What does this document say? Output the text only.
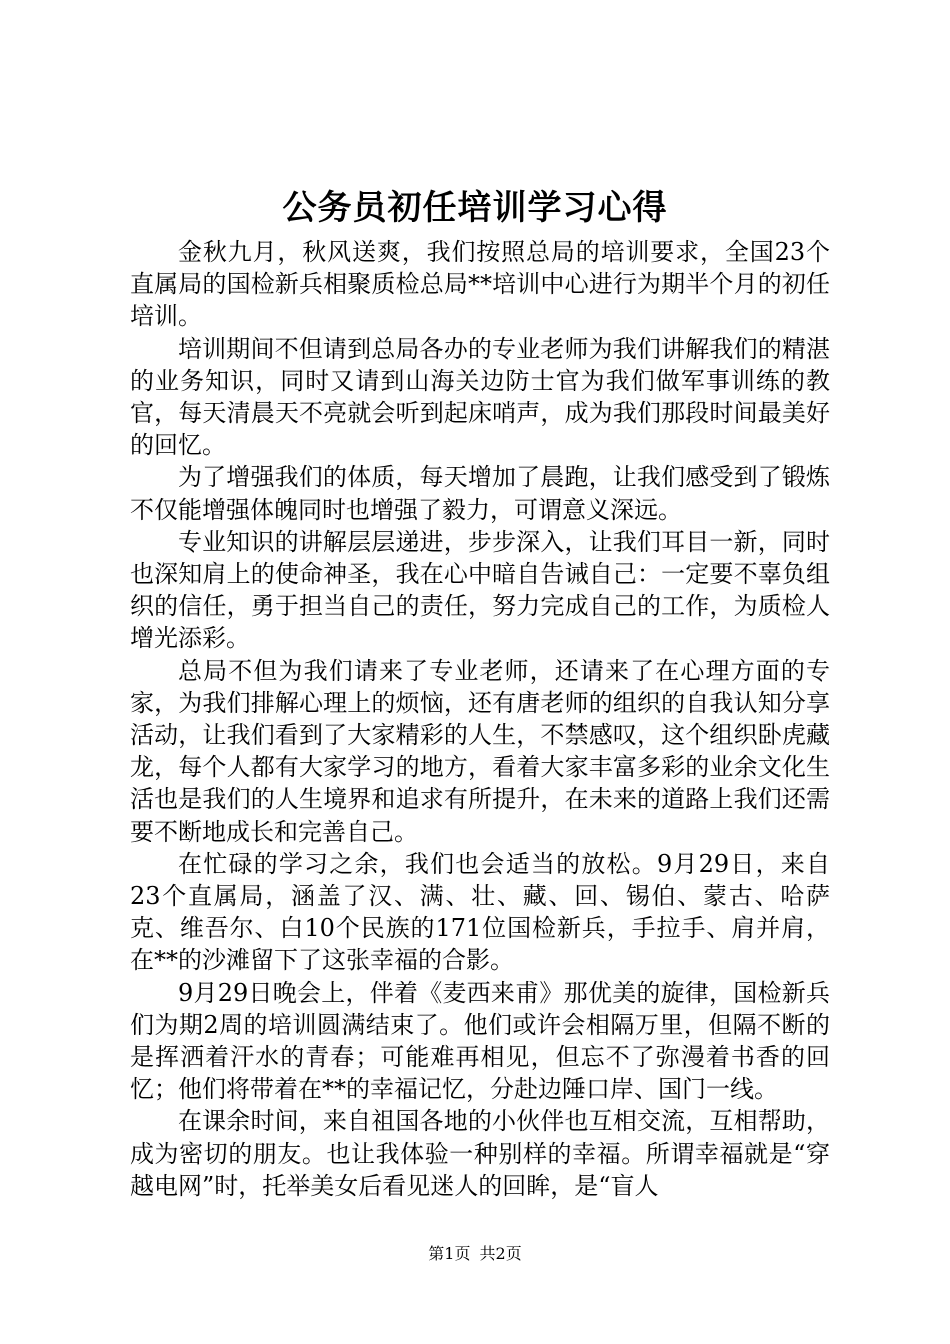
公务员初任培训学习心得

金秋九月，秋风送爽，我们按照总局的培训要求，全国23个直属局的国检新兵相聚质检总局**培训中心进行为期半个月的初任培训。

培训期间不但请到总局各办的专业老师为我们讲解我们的精湛的业务知识，同时又请到山海关边防士官为我们做军事训练的教官，每天清晨天不亮就会听到起床哨声，成为我们那段时间最美好的回忆。

为了增强我们的体质，每天增加了晨跑，让我们感受到了锻炼不仅能增强体魄同时也增强了毅力，可谓意义深远。

专业知识的讲解层层递进，步步深入，让我们耳目一新，同时也深知肩上的使命神圣，我在心中暗自告诫自己：一定要不辜负组织的信任，勇于担当自己的责任，努力完成自己的工作，为质检人增光添彩。

总局不但为我们请来了专业老师，还请来了在心理方面的专家，为我们排解心理上的烦恼，还有唐老师的组织的自我认知分享活动，让我们看到了大家精彩的人生，不禁感叹，这个组织卧虎藏龙，每个人都有大家学习的地方，看着大家丰富多彩的业余文化生活也是我们的人生境界和追求有所提升，在未来的道路上我们还需要不断地成长和完善自己。

在忙碌的学习之余，我们也会适当的放松。9月29日，来自23个直属局，涵盖了汉、满、壮、藏、回、锡伯、蒙古、哈萨克、维吾尔、白10个民族的171位国检新兵，手拉手、肩并肩，在**的沙滩留下了这张幸福的合影。

9月29日晚会上，伴着《麦西来甫》那优美的旋律，国检新兵们为期2周的培训圆满结束了。他们或许会相隔万里，但隔不断的是挥洒着汗水的青春；可能难再相见，但忘不了弥漫着书香的回忆；他们将带着在**的幸福记忆，分赴边陲口岸、国门一线。

在课余时间，来自祖国各地的小伙伴也互相交流，互相帮助，成为密切的朋友。也让我体验一种别样的幸福。所谓幸福就是“穿越电网”时，托举美女后看见迷人的回眸，是“盲人

第1页 共2页
